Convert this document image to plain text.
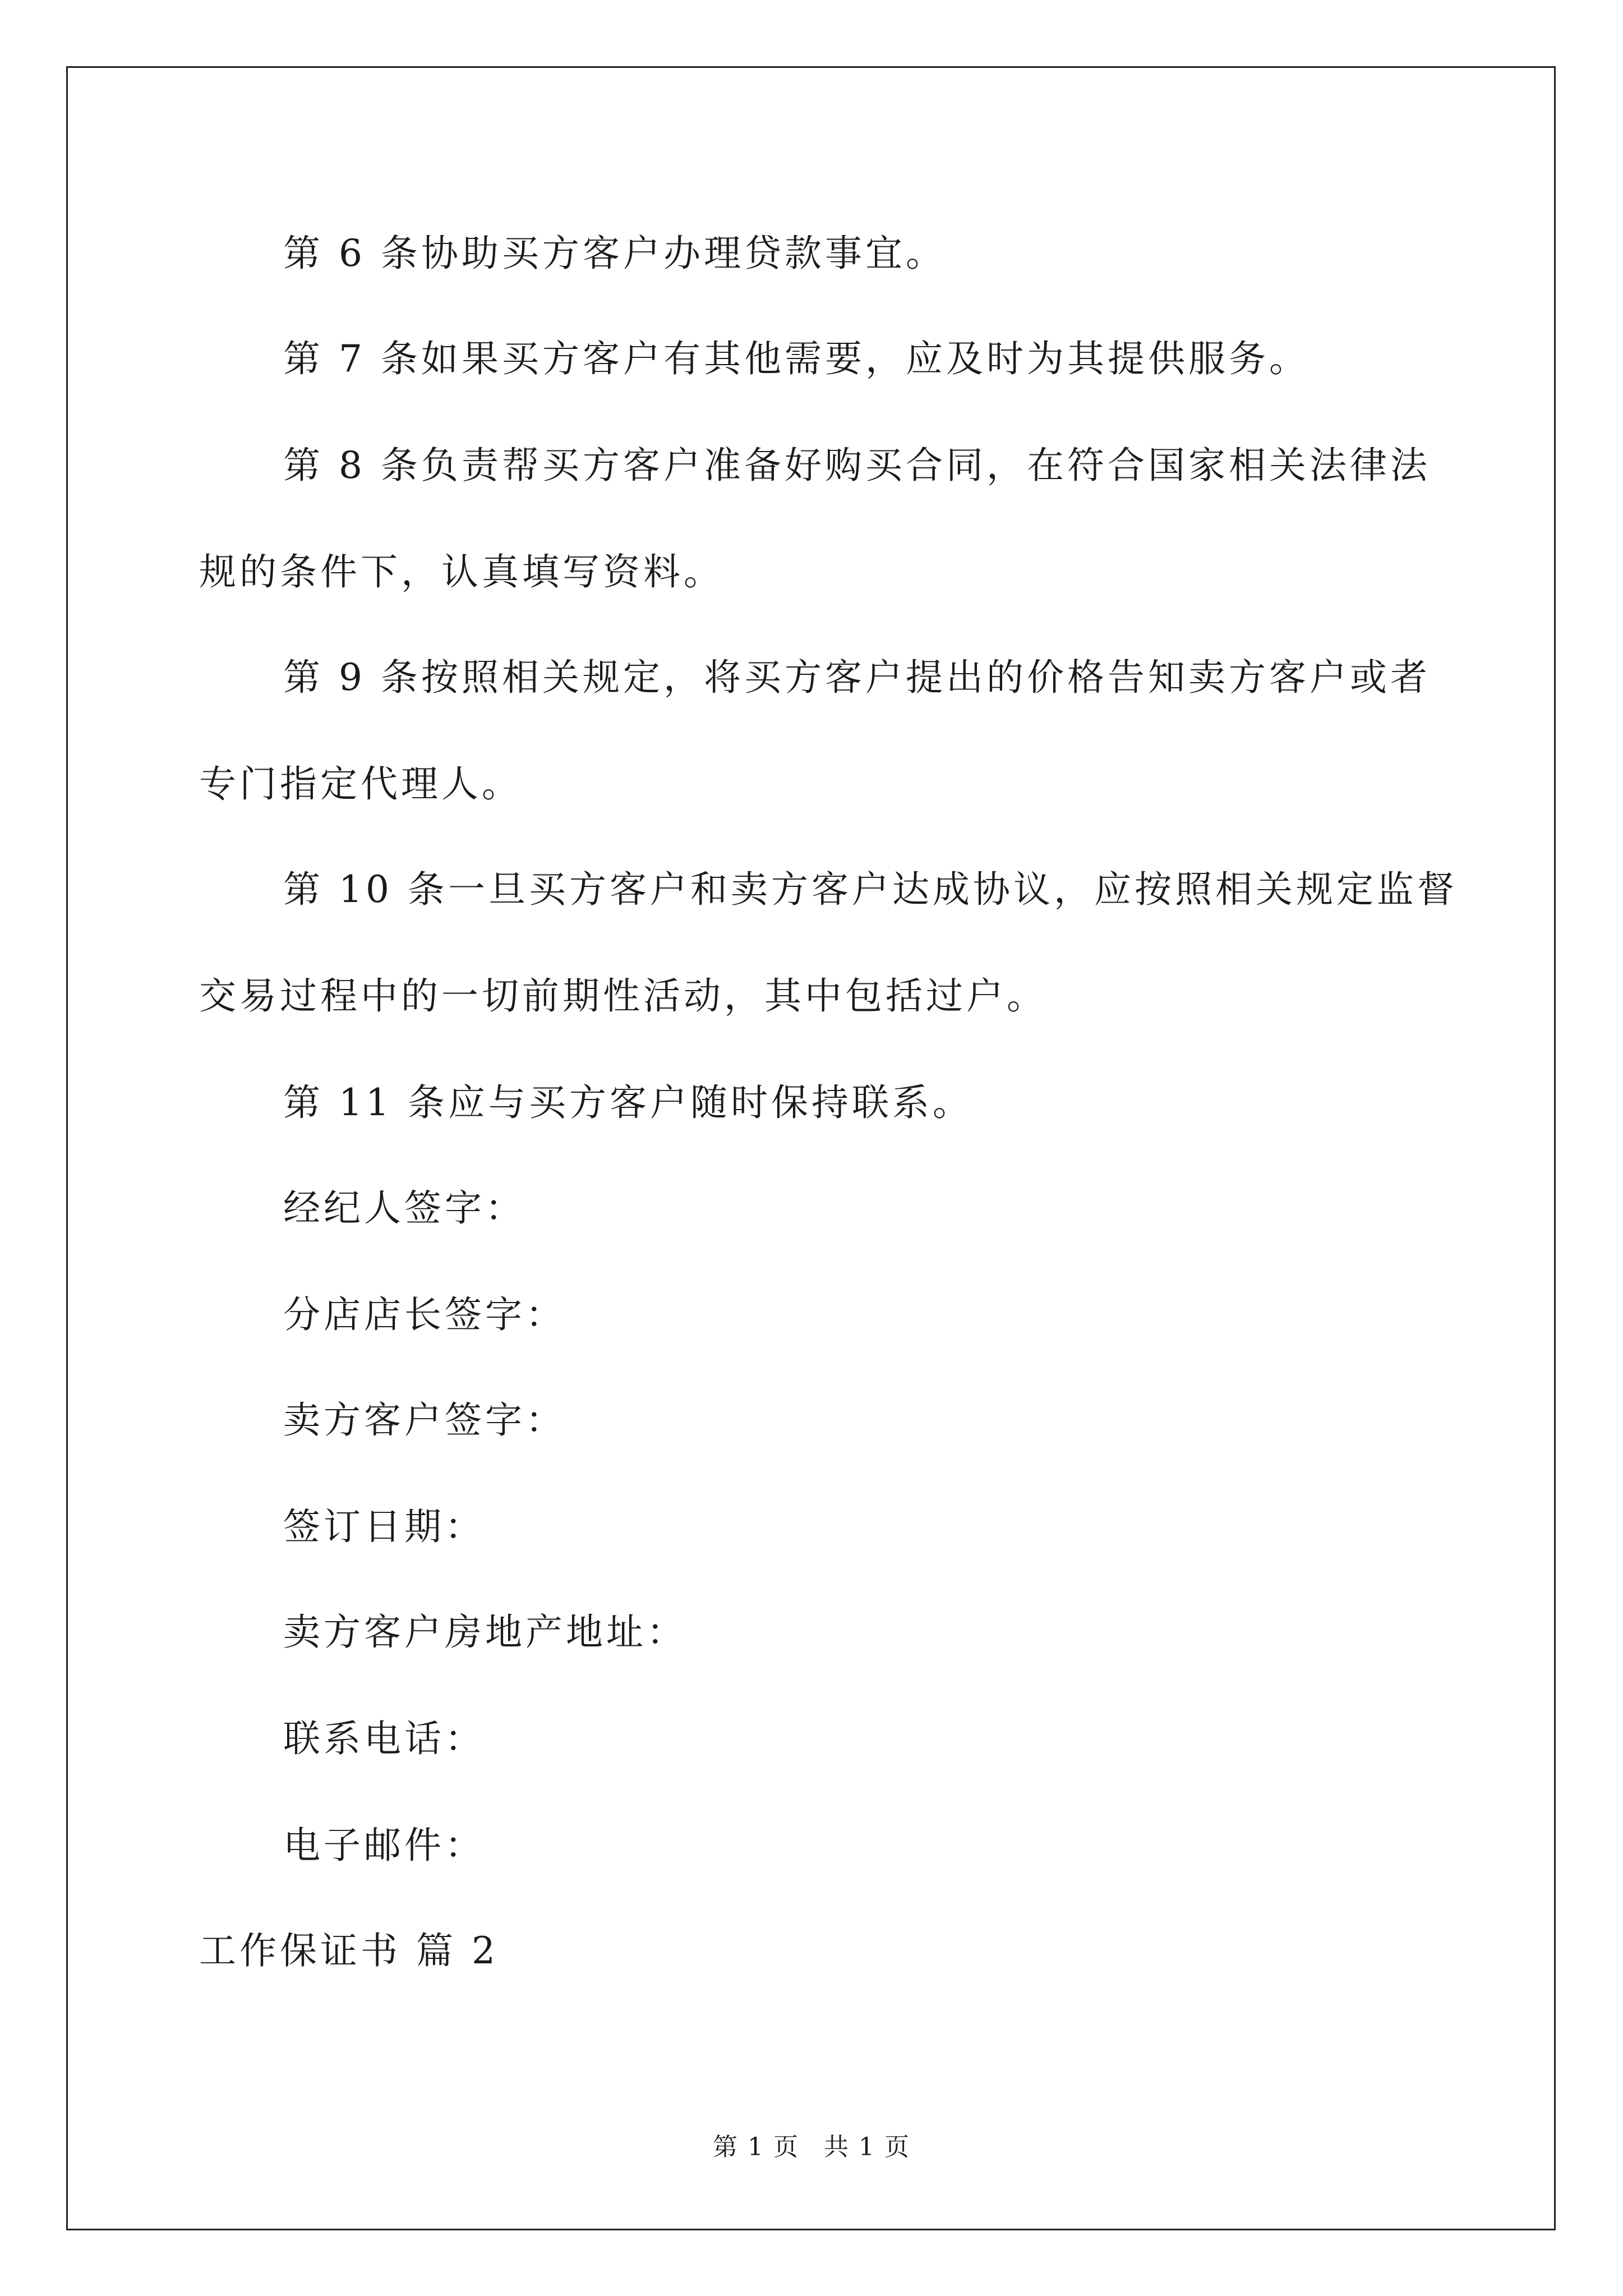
第 6 条协助买方客户办理贷款事宜。
第 7 条如果买方客户有其他需要，应及时为其提供服务。
第 8 条负责帮买方客户准备好购买合同，在符合国家相关法律法
规的条件下，认真填写资料。
第 9 条按照相关规定，将买方客户提出的价格告知卖方客户或者
专门指定代理人。
第 10 条一旦买方客户和卖方客户达成协议，应按照相关规定监督
交易过程中的一切前期性活动，其中包括过户。
第 11 条应与买方客户随时保持联系。
经纪人签字：
分店店长签字：
卖方客户签字：
签订日期：
卖方客户房地产地址：
联系电话：
电子邮件：
工作保证书 篇 2
第 1 页 共 1 页
